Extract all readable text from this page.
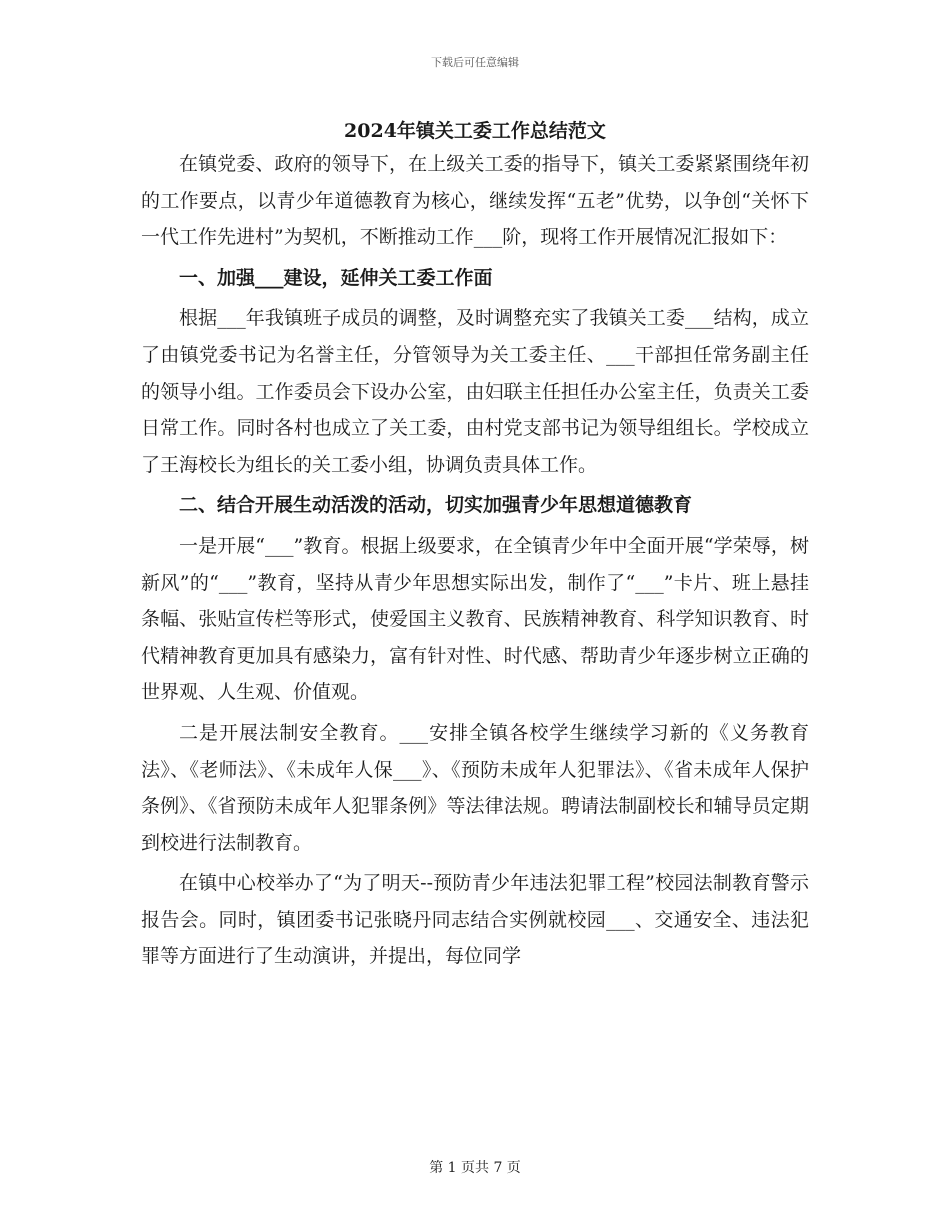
下载后可任意编辑
2024年镇关工委工作总结范文

在镇党委、政府的领导下，在上级关工委的指导下，镇关工委紧紧围绕年初的工作要点，以青少年道德教育为核心，继续发挥“五老”优势，以争创“关怀下一代工作先进村”为契机，不断推动工作___阶，现将工作开展情况汇报如下：

一、加强___建设，延伸关工委工作面

根据___年我镇班子成员的调整，及时调整充实了我镇关工委___结构，成立了由镇党委书记为名誉主任，分管领导为关工委主任、___干部担任常务副主任的领导小组。工作委员会下设办公室，由妇联主任担任办公室主任，负责关工委日常工作。同时各村也成立了关工委，由村党支部书记为领导组组长。学校成立了王海校长为组长的关工委小组，协调负责具体工作。

二、结合开展生动活泼的活动，切实加强青少年思想道德教育

一是开展“___”教育。根据上级要求，在全镇青少年中全面开展“学荣辱，树新风”的“___”教育，坚持从青少年思想实际出发，制作了“___”卡片、班上悬挂条幅、张贴宣传栏等形式，使爱国主义教育、民族精神教育、科学知识教育、时代精神教育更加具有感染力，富有针对性、时代感、帮助青少年逐步树立正确的世界观、人生观、价值观。

二是开展法制安全教育。___安排全镇各校学生继续学习新的《义务教育法》、《老师法》、《未成年人保___》、《预防未成年人犯罪法》、《省未成年人保护条例》、《省预防未成年人犯罪条例》等法律法规。聘请法制副校长和辅导员定期到校进行法制教育。

在镇中心校举办了“为了明天--预防青少年违法犯罪工程”校园法制教育警示报告会。同时，镇团委书记张晓丹同志结合实例就校园___、交通安全、违法犯罪等方面进行了生动演讲，并提出，每位同学

第 1 页共 7 页
